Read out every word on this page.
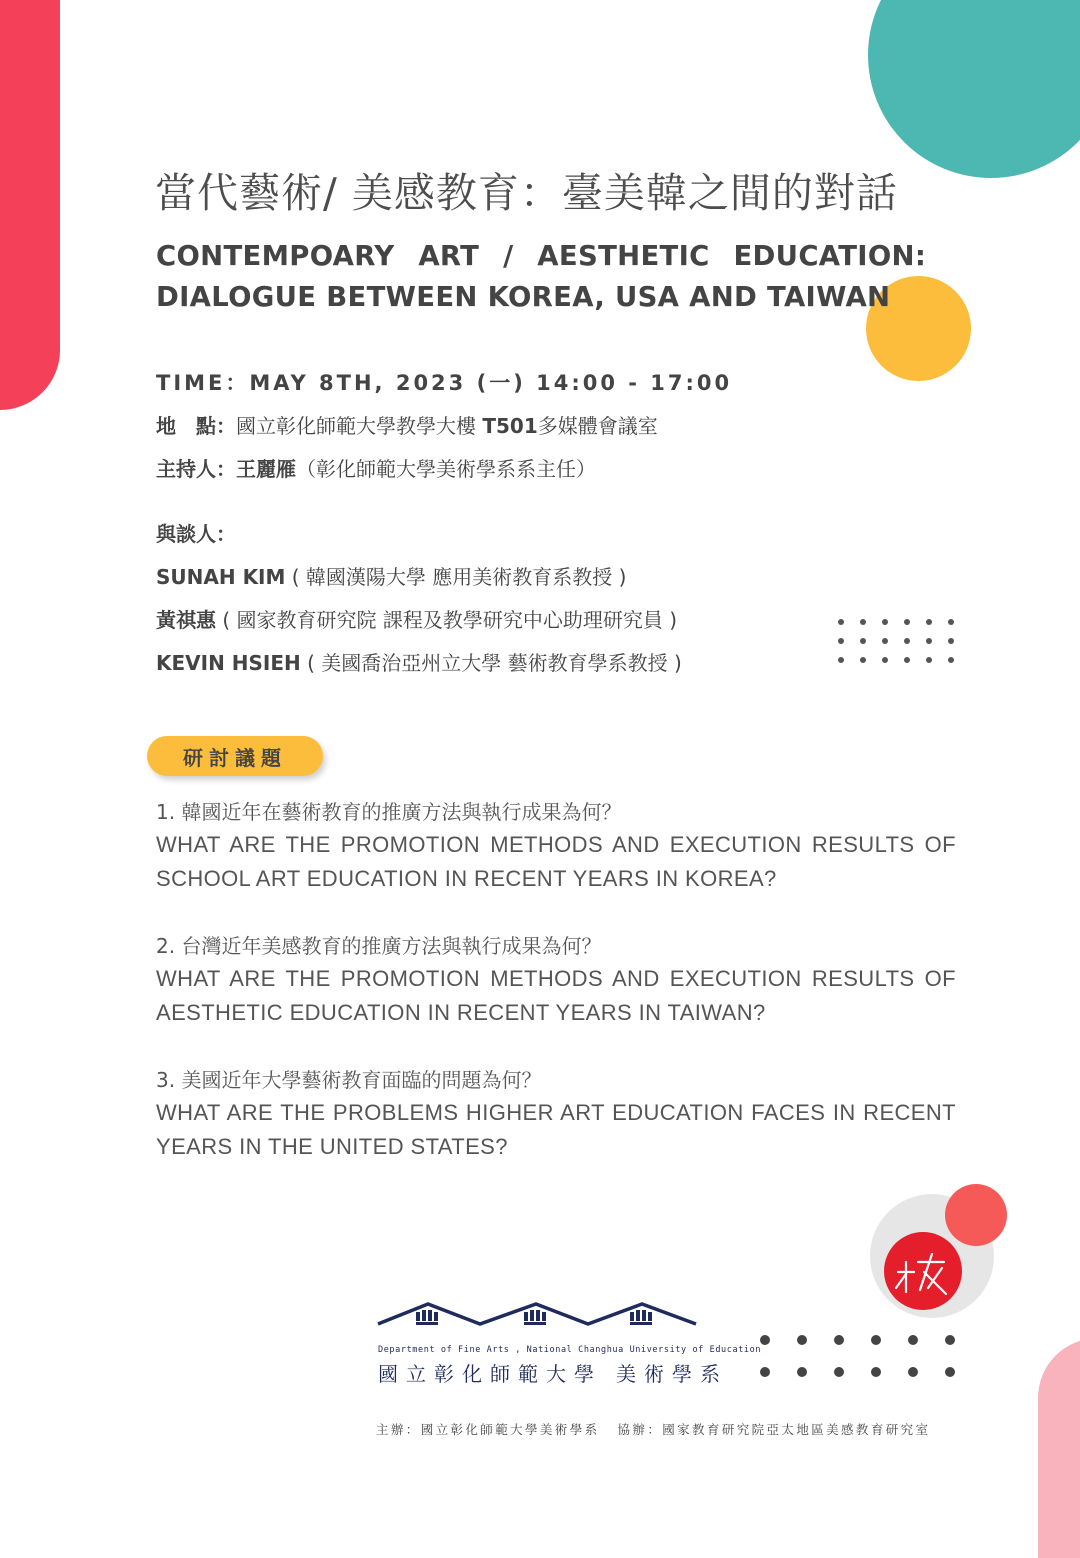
當代藝術/ 美感教育：臺美韓之間的對話
CONTEMPOARY ART / AESTHETIC EDUCATION:
DIALOGUE BETWEEN KOREA, USA AND TAIWAN
TIME：MAY 8TH, 2023 (一) 14:00 - 17:00
地　點：國立彰化師範大學教學大樓 T501多媒體會議室
主持人：王麗雁（彰化師範大學美術學系系主任）
與談人：
SUNAH KIM ( 韓國漢陽大學 應用美術教育系教授 )
黃祺惠 ( 國家教育研究院 課程及教學研究中心助理研究員 )
KEVIN HSIEH ( 美國喬治亞州立大學 藝術教育學系教授 )
研討議題
1. 韓國近年在藝術教育的推廣方法與執行成果為何？
WHAT ARE THE PROMOTION METHODS AND EXECUTION RESULTS OF
SCHOOL ART EDUCATION IN RECENT YEARS IN KOREA?
2. 台灣近年美感教育的推廣方法與執行成果為何？
WHAT ARE THE PROMOTION METHODS AND EXECUTION RESULTS OF
AESTHETIC EDUCATION IN RECENT YEARS IN TAIWAN?
3. 美國近年大學藝術教育面臨的問題為何？
WHAT ARE THE PROBLEMS HIGHER ART EDUCATION FACES IN RECENT
YEARS IN THE UNITED STATES?
Department of Fine Arts , National Changhua University of Education
國立彰化師範大學 美術學系
主辦：國立彰化師範大學美術學系 協辦：國家教育研究院亞太地區美感教育研究室
